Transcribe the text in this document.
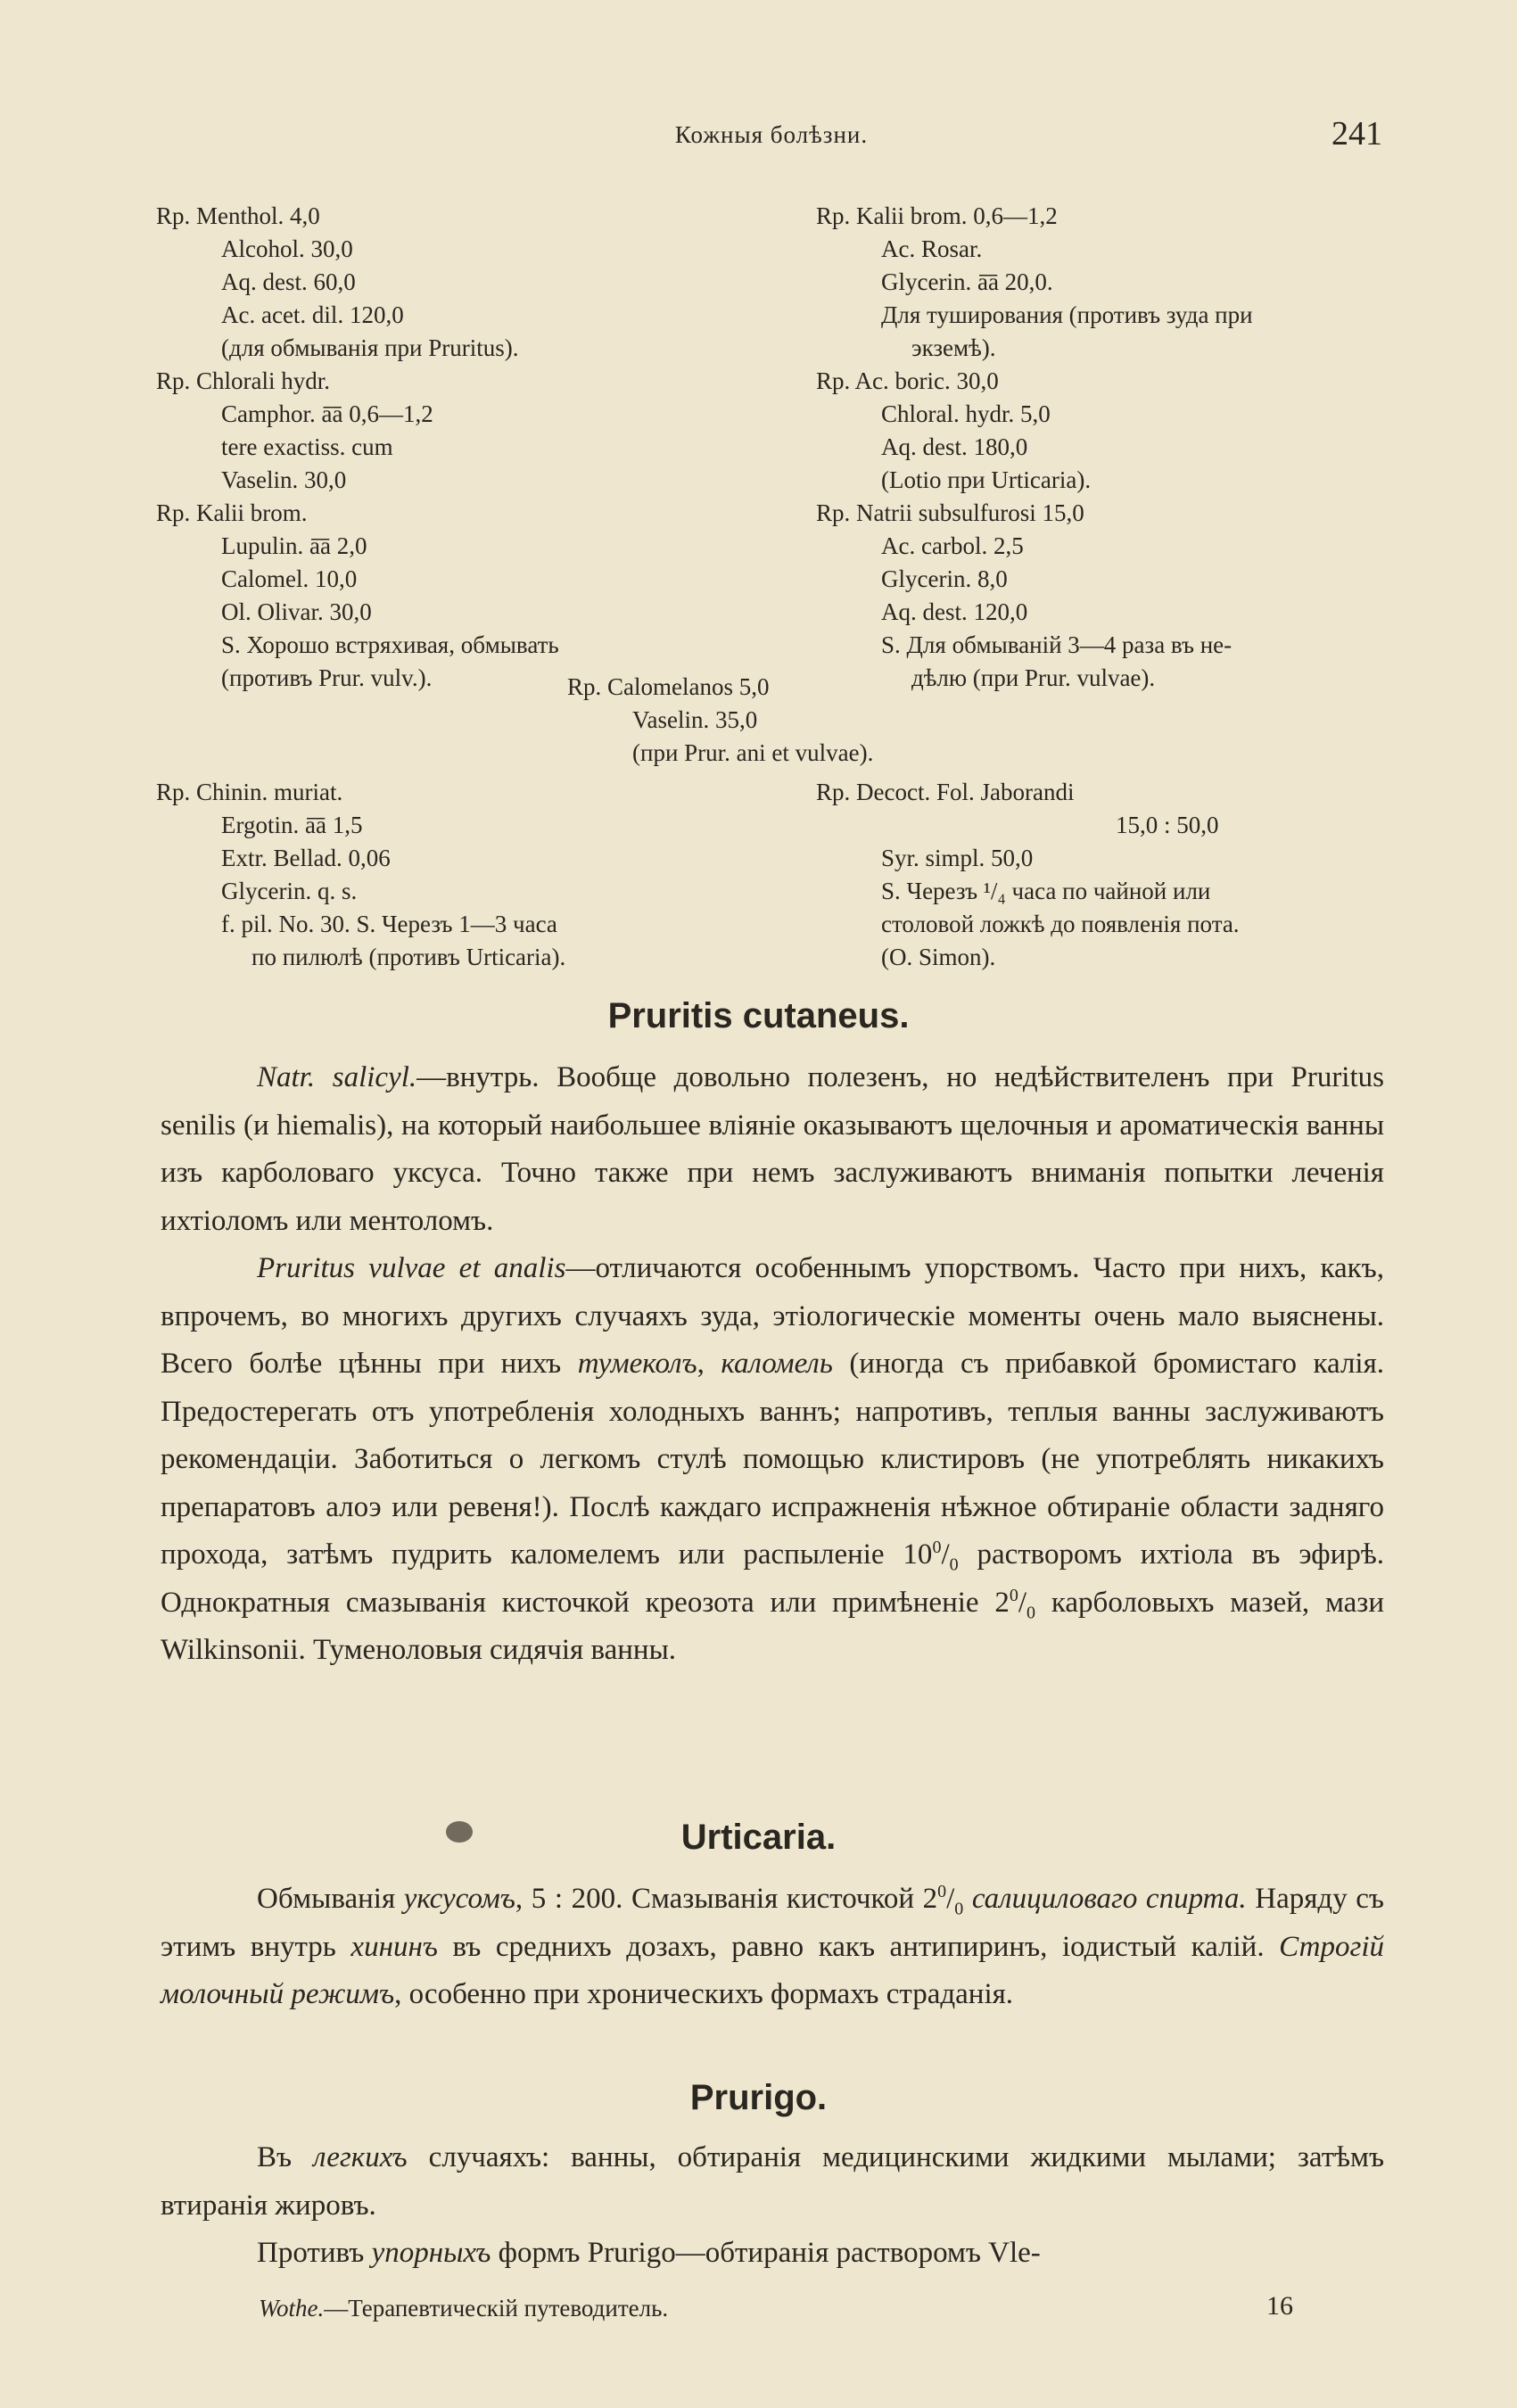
Кожныя болѣзни.	241
Rp. Menthol. 4,0
Alcohol. 30,0
Aq. dest. 60,0
Ac. acet. dil. 120,0
(для обмыванія при Pruritus).
Rp. Chlorali hydr.
Camphor. ā̄ā 0,6—1,2
tere exactiss. cum
Vaselin. 30,0
Rp. Kalii brom.
Lupulin. ā̄ā 2,0
Calomel. 10,0
Ol. Olivar. 30,0
S. Хорошо встряхивая, обмывать
(противъ Prur. vulv.).
Rp. Kalii brom. 0,6—1,2
Ac. Rosar.
Glycerin. ā̄ā 20,0.
Для туширования (противъ зуда при
экземѣ).
Rp. Ac. boric. 30,0
Chloral. hydr. 5,0
Aq. dest. 180,0
(Lotio при Urticaria).
Rp. Natrii subsulfurosi 15,0
Ac. carbol. 2,5
Glycerin. 8,0
Aq. dest. 120,0
S. Для обмываній 3—4 раза въ не-
дѣлю (при Prur. vulvae).
Rp. Calomelanos 5,0
Vaselin. 35,0
(при Prur. ani et vulvae).
Rp. Chinin. muriat.
Ergotin. ā̄ā 1,5
Extr. Bellad. 0,06
Glycerin. q. s.
f. pil. No. 30. S. Черезъ 1—3 часа
по пилюлѣ (противъ Urticaria).
Rp. Decoct. Fol. Jaborandi
15,0 : 50,0
Syr. simpl. 50,0
S. Черезъ ¹/₄ часа по чайной или
столовой ложкѣ до появленія пота.
(O. Simon).
Pruritis cutaneus.

Natr. salicyl.—внутрь. Вообще довольно полезенъ, но недѣйствителенъ при Pruritus senilis (и hiemalis), на который наибольшее вліяніе оказываютъ щелочныя и ароматическія ванны изъ карболоваго уксуса. Точно также при немъ заслуживаютъ вниманія попытки леченія ихтіоломъ или ментоломъ.

Pruritus vulvae et analis—отличаются особеннымъ упорствомъ. Часто при нихъ, какъ, впрочемъ, во многихъ другихъ случаяхъ зуда, этіологическіе моменты очень мало выяснены. Всего болѣе цѣнны при нихъ тумеколъ, каломель (иногда съ прибавкой бромистаго калія. Предостерегать отъ употребленія холодныхъ ваннъ; напротивъ, теплыя ванны заслуживаютъ рекомендаціи. Заботиться о легкомъ стулѣ помощью клистировъ (не употреблять никакихъ препаратовъ алоэ или ревеня!). Послѣ каждаго испражненія нѣжное обтираніе области задняго прохода, затѣмъ пудрить каломелемъ или распыленіе $10^0/_0$ растворомъ ихтіола въ эфирѣ. Однократныя смазыванія кисточкой креозота или примѣненіе $2^0/_0$ карболовыхъ мазей, мази Wilkinsonii. Туменоловыя сидячія ванны.

Urticaria.

Обмыванія уксусомъ, 5 : 200. Смазыванія кисточкой $2^0/_0$ салициловаго спирта. Наряду съ этимъ внутрь хининъ въ среднихъ дозахъ, равно какъ антипиринъ, іодистый калій. Строгій молочный режимъ, особенно при хроническихъ формахъ страданія.

Prurigo.

Въ легкихъ случаяхъ: ванны, обтиранія медицинскими жидкими мылами; затѣмъ втиранія жировъ.

Противъ упорныхъ формъ Prurigo—обтиранія растворомъ Vle-

Wothe.—Терапевтическій путеводитель.	16
